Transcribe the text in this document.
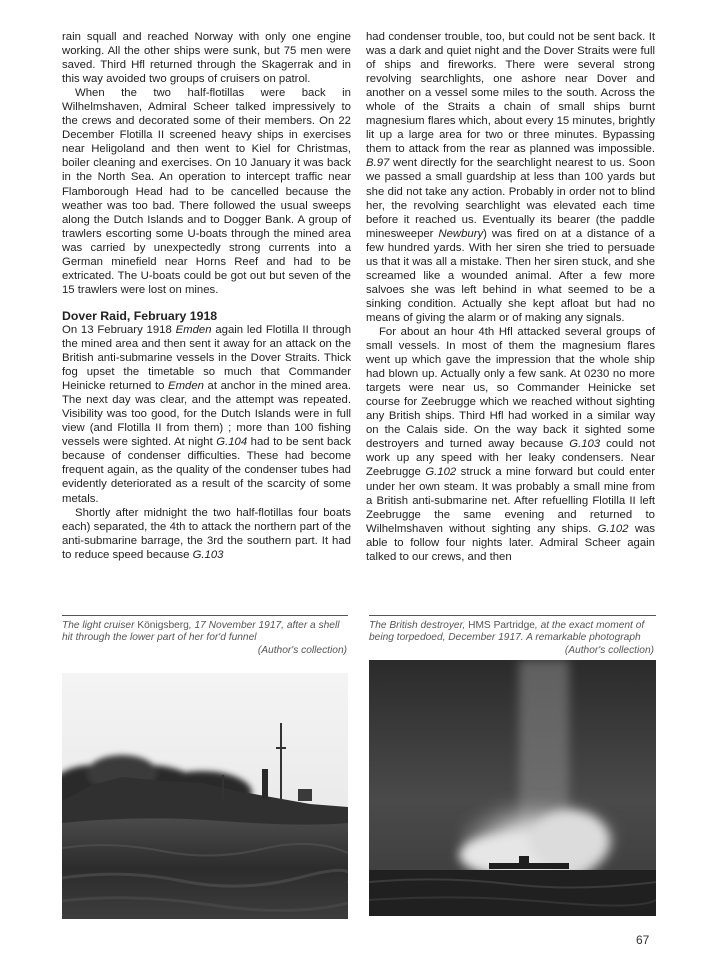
rain squall and reached Norway with only one engine working. All the other ships were sunk, but 75 men were saved. Third Hfl returned through the Skagerrak and in this way avoided two groups of cruisers on patrol.

When the two half-flotillas were back in Wilhelmshaven, Admiral Scheer talked impressively to the crews and decorated some of their members. On 22 December Flotilla II screened heavy ships in exercises near Heligoland and then went to Kiel for Christmas, boiler cleaning and exercises. On 10 January it was back in the North Sea. An operation to intercept traffic near Flamborough Head had to be cancelled because the weather was too bad. There followed the usual sweeps along the Dutch Islands and to Dogger Bank. A group of trawlers escorting some U-boats through the mined area was carried by unexpectedly strong currents into a German minefield near Horns Reef and had to be extricated. The U-boats could be got out but seven of the 15 trawlers were lost on mines.

Dover Raid, February 1918

On 13 February 1918 Emden again led Flotilla II through the mined area and then sent it away for an attack on the British anti-submarine vessels in the Dover Straits. Thick fog upset the timetable so much that Commander Heinicke returned to Emden at anchor in the mined area. The next day was clear, and the attempt was repeated. Visibility was too good, for the Dutch Islands were in full view (and Flotilla II from them) ; more than 100 fishing vessels were sighted. At night G.104 had to be sent back because of condenser difficulties. These had become frequent again, as the quality of the condenser tubes had evidently deteriorated as a result of the scarcity of some metals.

Shortly after midnight the two half-flotillas four boats each) separated, the 4th to attack the northern part of the anti-submarine barrage, the 3rd the southern part. It had to reduce speed because G.103

had condenser trouble, too, but could not be sent back. It was a dark and quiet night and the Dover Straits were full of ships and fireworks. There were several strong revolving searchlights, one ashore near Dover and another on a vessel some miles to the south. Across the whole of the Straits a chain of small ships burnt magnesium flares which, about every 15 minutes, brightly lit up a large area for two or three minutes. Bypassing them to attack from the rear as planned was impossible. B.97 went directly for the searchlight nearest to us. Soon we passed a small guardship at less than 100 yards but she did not take any action. Probably in order not to blind her, the revolving searchlight was elevated each time before it reached us. Eventually its bearer (the paddle minesweeper Newbury) was fired on at a distance of a few hundred yards. With her siren she tried to persuade us that it was all a mistake. Then her siren stuck, and she screamed like a wounded animal. After a few more salvoes she was left behind in what seemed to be a sinking condition. Actually she kept afloat but had no means of giving the alarm or of making any signals.

For about an hour 4th Hfl attacked several groups of small vessels. In most of them the magnesium flares went up which gave the impression that the whole ship had blown up. Actually only a few sank. At 0230 no more targets were near us, so Commander Heinicke set course for Zeebrugge which we reached without sighting any British ships. Third Hfl had worked in a similar way on the Calais side. On the way back it sighted some destroyers and turned away because G.103 could not work up any speed with her leaky condensers. Near Zeebrugge G.102 struck a mine forward but could enter under her own steam. It was probably a small mine from a British anti-submarine net. After refuelling Flotilla II left Zeebrugge the same evening and returned to Wilhelmshaven without sighting any ships. G.102 was able to follow four nights later. Admiral Scheer again talked to our crews, and then

The light cruiser Königsberg, 17 November 1917, after a shell hit through the lower part of her for'd funnel
(Author's collection)
The British destroyer, HMS Partridge, at the exact moment of being torpedoed, December 1917. A remarkable photograph
(Author's collection)
67
